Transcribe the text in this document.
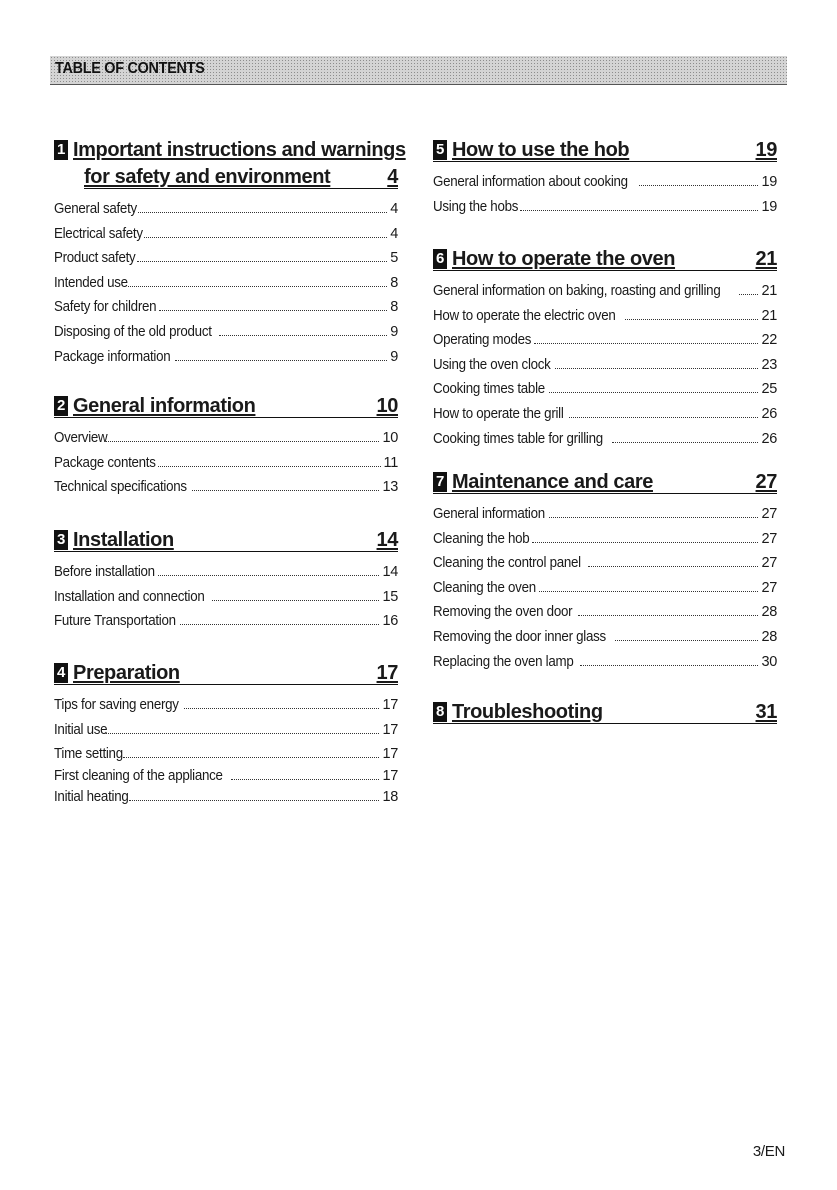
TABLE OF CONTENTS
1 Important instructions and warnings
for safety and environment	4
General safety	4
Electrical safety	4
Product safety	5
Intended use	8
Safety for children	8
Disposing of the old product	9
Package information	9
2 General information	10
Overview	10
Package contents	11
Technical specifications	13
3 Installation	14
Before installation	14
Installation and connection	15
Future Transportation	16
4 Preparation	17
Tips for saving energy	17
Initial use	17
Time setting	17
First cleaning of the appliance	17
Initial heating	18
5 How to use the hob	19
General information about cooking	19
Using the hobs	19
6 How to operate the oven	21
General information on baking, roasting and grilling	21
How to operate the electric oven	21
Operating modes	22
Using the oven clock	23
Cooking times table	25
How to operate the grill	26
Cooking times table for grilling	26
7 Maintenance and care	27
General information	27
Cleaning the hob	27
Cleaning the control panel	27
Cleaning the oven	27
Removing the oven door	28
Removing the door inner glass	28
Replacing the oven lamp	30
8 Troubleshooting	31
3/EN
